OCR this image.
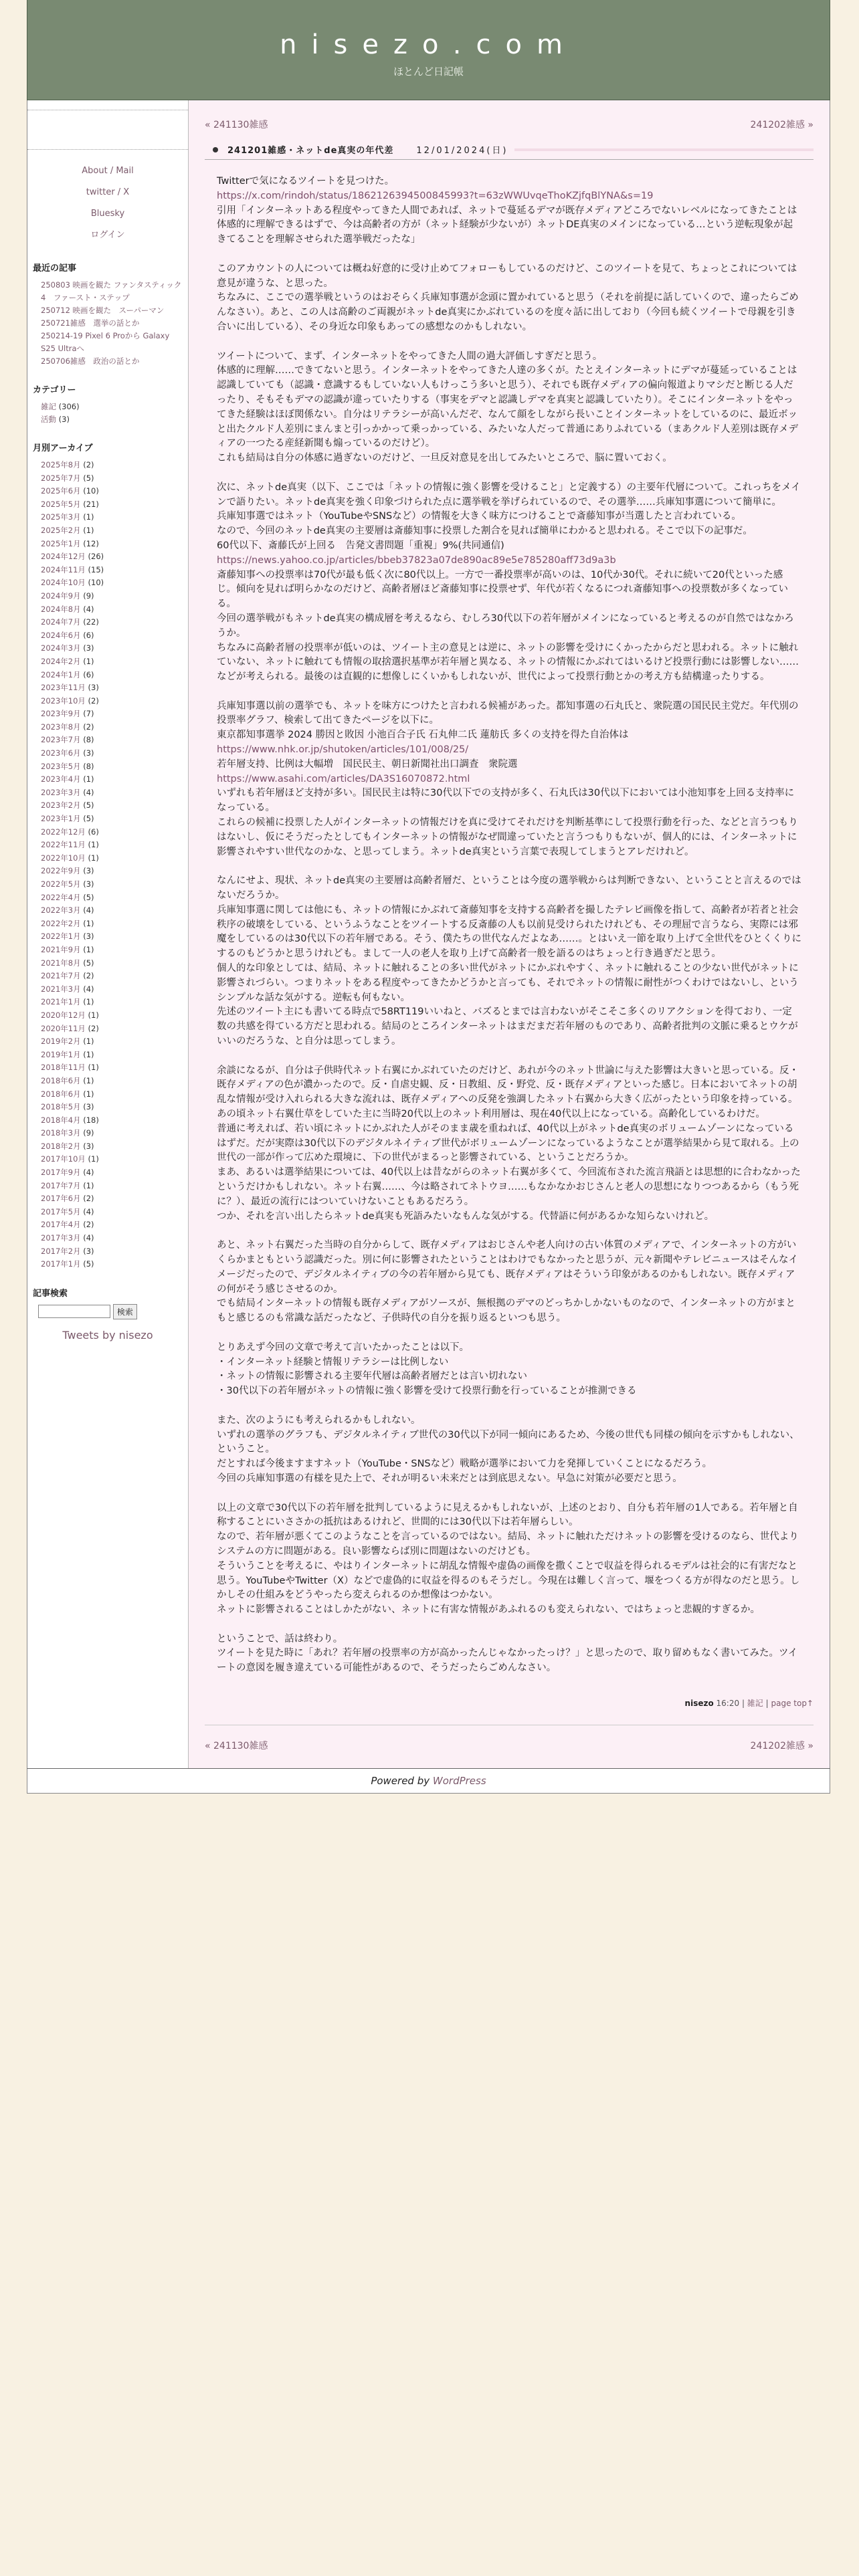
nisezo.com
ほとんど日記帳
About / Mail
twitter / X
Bluesky
ログイン
最近の記事
250803 映画を観た ファンタスティック4　ファースト・ステップ
250712 映画を観た　スーパーマン
250721雑感　選挙の話とか
250214-19 Pixel 6 Proから Galaxy S25 Ultraへ
250706雑感　政治の話とか
カテゴリー
雑記 (306)
活動 (3)
月別アーカイブ
2025年8月 (2)
2025年7月 (5)
2025年6月 (10)
2025年5月 (21)
2025年3月 (1)
2025年2月 (1)
2025年1月 (12)
2024年12月 (26)
2024年11月 (15)
2024年10月 (10)
2024年9月 (9)
2024年8月 (4)
2024年7月 (22)
2024年6月 (6)
2024年3月 (3)
2024年2月 (1)
2024年1月 (6)
2023年11月 (3)
2023年10月 (2)
2023年9月 (7)
2023年8月 (2)
2023年7月 (8)
2023年6月 (3)
2023年5月 (8)
2023年4月 (1)
2023年3月 (4)
2023年2月 (5)
2023年1月 (5)
2022年12月 (6)
2022年11月 (1)
2022年10月 (1)
2022年9月 (3)
2022年5月 (3)
2022年4月 (5)
2022年3月 (4)
2022年2月 (1)
2022年1月 (3)
2021年9月 (1)
2021年8月 (5)
2021年7月 (2)
2021年3月 (4)
2021年1月 (1)
2020年12月 (1)
2020年11月 (2)
2019年2月 (1)
2019年1月 (1)
2018年11月 (1)
2018年6月 (1)
2018年6月 (1)
2018年5月 (3)
2018年4月 (18)
2018年3月 (9)
2018年2月 (3)
2017年10月 (1)
2017年9月 (4)
2017年7月 (1)
2017年6月 (2)
2017年5月 (4)
2017年4月 (2)
2017年3月 (4)
2017年2月 (3)
2017年1月 (5)
記事検索
検索
Tweets by nisezo
« 241130雑感	241202雑感 »
241201雑感・ネットde真実の年代差	12/01/2024(日)

Twitterで気になるツイートを見つけた。
https://x.com/rindoh/status/1862126394500845993?t=63zWWUvqeThoKZjfqBlYNA&s=19
引用「インターネットある程度やってきた人間であれば、ネットで蔓延るデマが既存メディアどころでないレベルになってきたことは体感的に理解できるはずで、今は高齢者の方が（ネット経験が少ないが）ネットDE真実のメインになっている…という逆転現象が起きてることを理解させられた選挙戦だったな」

このアカウントの人については概ね好意的に受け止めてフォローもしているのだけど、このツイートを見て、ちょっとこれについては意見が違うな、と思った。
ちなみに、ここでの選挙戦というのはおそらく兵庫知事選が念頭に置かれていると思う（それを前提に話していくので、違ったらごめんなさい）。あと、この人は高齢のご両親がネットde真実にかぶれているのを度々話に出しており（今回も続くツイートで母親を引き合いに出している）、その身近な印象もあっての感想なのかもしれない。

ツイートについて、まず、インターネットをやってきた人間の過大評価しすぎだと思う。
体感的に理解……できてないと思う。インターネットをやってきた人達の多くが。たとえインターネットにデマが蔓延っていることは認識していても（認識・意識するもしていない人もけっこう多いと思う）、それでも既存メディアの偏向報道よりマシだと断じる人だったり、そもそもデマの認識が違っていたりする（事実をデマと認識しデマを真実と認識していたり）。そこにインターネットをやってきた経験はほぼ関係ない。自分はリテラシーが高いんだぞ、なんて顔をしながら長いことインターネットをしているのに、最近ボッと出たクルド人差別にまんまと引っかかって乗っかっている、みたいな人だって普通にありふれている（まあクルド人差別は既存メディアの一つたる産経新聞も煽っているのだけど）。
これも結局は自分の体感に過ぎないのだけど、一旦反対意見を出してみたいところで、脳に置いておく。

次に、ネットde真実（以下、ここでは「ネットの情報に強く影響を受けること」と定義する）の主要年代層について。これっちをメインで語りたい。ネットde真実を強く印象づけられた点に選挙戦を挙げられているので、その選挙……兵庫知事選について簡単に。
兵庫知事選ではネット（YouTubeやSNSなど）の情報を大きく味方につけることで斎藤知事が当選したと言われている。
なので、今回のネットde真実の主要層は斎藤知事に投票した割合を見れば簡単にわかると思われる。そこで以下の記事だ。
60代以下、斎藤氏が上回る　告発文書問題「重視」9%(共同通信)
https://news.yahoo.co.jp/articles/bbeb37823a07de890ac89e5e785280aff73d9a3b
斎藤知事への投票率は70代が最も低く次に80代以上。一方で一番投票率が高いのは、10代か30代。それに続いて20代といった感じ。傾向を見れば明らかなのだけど、高齢者層ほど斎藤知事に投票せず、年代が若くなるにつれ斎藤知事への投票数が多くなっている。
今回の選挙戦がもネットde真実の構成層を考えるなら、むしろ30代以下の若年層がメインになっていると考えるのが自然ではなかろうか。
ちなみに高齢者層の投票率が低いのは、ツイート主の意見とは逆に、ネットの影響を受けにくかったからだと思われる。ネットに触れていない、ネットに触れても情報の取捨選択基準が若年層と異なる、ネットの情報にかぶれてはいるけど投票行動には影響しない……などが考えられる。最後のは直観的に想像しにくいかもしれないが、世代によって投票行動とかの考え方も結構違ったりする。

兵庫知事選以前の選挙でも、ネットを味方につけたと言われる候補があった。都知事選の石丸氏と、衆院選の国民民主党だ。年代別の投票率グラフ、検索して出てきたページを以下に。
東京都知事選挙 2024 勝因と敗因 小池百合子氏 石丸伸二氏 蓮舫氏 多くの支持を得た自治体は
https://www.nhk.or.jp/shutoken/articles/101/008/25/
若年層支持、比例は大幅増　国民民主、朝日新聞社出口調査　衆院選
https://www.asahi.com/articles/DA3S16070872.html
いずれも若年層ほど支持が多い。国民民主は特に30代以下での支持が多く、石丸氏は30代以下においては小池知事を上回る支持率になっている。
これらの候補に投票した人がインターネットの情報だけを真に受けてそれだけを判断基準にして投票行動を行った、などと言うつもりはないし、仮にそうだったとしてもインターネットの情報がなぜ間違っていたと言うつもりもないが、個人的には、インターネットに影響されやすい世代なのかな、と思ってしまう。ネットde真実という言葉で表現してしまうとアレだけれど。

なんにせよ、現状、ネットde真実の主要層は高齢者層だ、ということは今度の選挙戦からは判断できない、ということと言えるのではないだろうか。
兵庫知事選に関しては他にも、ネットの情報にかぶれて斎藤知事を支持する高齢者を撮したテレビ画像を指して、高齢者が若者と社会秩序の破壊をしている、というふうなことをツイートする反斎藤の人も以前見受けられたけれども、その理屈で言うなら、実際には邪魔をしているのは30代以下の若年層である。そう、僕たちの世代なんだよなあ……。とはいえ一節を取り上げて全世代をひとくくりにするのもどうかと思うけれども。まして一人の老人を取り上げて高齢者一般を語るのはちょっと行き過ぎだと思う。
個人的な印象としては、結局、ネットに触れることの多い世代がネットにかぶれやすく、ネットに触れることの少ない世代がネットに影響されづらい。つまりネットをある程度やってきたかどうかと言っても、それでネットの情報に耐性がつくわけではないし、というシンプルな話な気がする。逆転も何もない。
先述のツイート主にも書いてる時点で58RT119いいねと、バズるとまでは言わないがそこそこ多くのリアクションを得ており、一定数の共感を得ている方だと思われる。結局のところインターネットはまだまだ若年層のものであり、高齢者批判の文脈に乗るとウケがいいのだろうな、と自分は思ってしまう。

余談になるが、自分は子供時代ネット右翼にかぶれていたのだけど、あれが今のネット世論に与えた影響は大きいと思っている。反・既存メディアの色が濃かったので。反・自虐史観、反・日教組、反・野党、反・既存メディアといった感じ。日本においてネットの胡乱な情報が受け入れられる大きな流れは、既存メディアへの反発を強調したネット右翼から大きく広がったという印象を持っている。
あの頃ネット右翼仕草をしていた主に当時20代以上のネット利用層は、現在40代以上になっている。高齢化しているわけだ。
普通に考えれば、若い頃にネットにかぶれた人がそのまま歳を重ねれば、40代以上がネットde真実のボリュームゾーンになっているはずだ。だが実際は30代以下のデジタルネイティブ世代がボリュームゾーンになっているようなことが選挙結果から見て取れる。上の世代の一部が作って広めた環境に、下の世代がまるっと影響されている、ということだろうか。
まあ、あるいは選挙結果については、40代以上は昔ながらのネット右翼が多くて、今回流布された流言飛語とは思想的に合わなかったというだけかもしれない。ネット右翼……、今は略されてネトウヨ……もなかなかおじさんと老人の思想になりつつあるから（もう死に？）、最近の流行にはついていけないこともあるだろう。
つか、それを言い出したらネットde真実も死語みたいなもんな気がする。代替語に何があるかな知らないけれど。

あと、ネット右翼だった当時の自分からして、既存メディアはおじさんや老人向けの古い体質のメディアで、インターネットの方がいくらかまともという認識だった。別に何に影響されたということはわけでもなかったと思うが、元々新聞やテレビニュースはそんなイメージだったので、デジタルネイティブの今の若年層から見ても、既存メディアはそういう印象があるのかもしれない。既存メディアの何がそう感じさせるのか。
でも結局インターネットの情報も既存メディアがソースが、無根拠のデマのどっちかしかないものなので、インターネットの方がまともと感じるのも常識な話だったなど、子供時代の自分を振り返るといつも思う。

とりあえず今回の文章で考えて言いたかったことは以下。
・インターネット経験と情報リテラシーは比例しない
・ネットの情報に影響される主要年代層は高齢者層だとは言い切れない
・30代以下の若年層がネットの情報に強く影響を受けて投票行動を行っていることが推測できる

また、次のようにも考えられるかもしれない。
いずれの選挙のグラフも、デジタルネイティブ世代の30代以下が同一傾向にあるため、今後の世代も同様の傾向を示すかもしれない、ということ。
だとすれば今後ますますネット（YouTube・SNSなど）戦略が選挙において力を発揮していくことになるだろう。
今回の兵庫知事選の有様を見た上で、それが明るい未来だとは到底思えない。早急に対策が必要だと思う。

以上の文章で30代以下の若年層を批判しているように見えるかもしれないが、上述のとおり、自分も若年層の1人である。若年層と自称することにいささかの抵抗はあるけれど、世間的には30代以下は若年層らしい。
なので、若年層が悪くてこのようなことを言っているのではない。結局、ネットに触れただけネットの影響を受けるのなら、世代よりシステムの方に問題がある。良い影響ならば別に問題はないのだけども。
そういうことを考えるに、やはりインターネットに胡乱な情報や虚偽の画像を撒くことで収益を得られるモデルは社会的に有害だなと思う。YouTubeやTwitter（X）などで虚偽的に収益を得るのもそうだし。今現在は難しく言って、堰をつくる方が得なのだと思う。しかしその仕組みをどうやったら変えられるのか想像はつかない。
ネットに影響されることはしかたがない、ネットに有害な情報があふれるのも変えられない、ではちょっと悲観的すぎるか。

ということで、話は終わり。
ツイートを見た時に「あれ？若年層の投票率の方が高かったんじゃなかったっけ？」と思ったので、取り留めもなく書いてみた。ツイートの意図を履き違えている可能性があるので、そうだったらごめんなさい。

nisezo 16:20 | 雑記 | page top↑
« 241130雑感	241202雑感 »
Powered by WordPress
